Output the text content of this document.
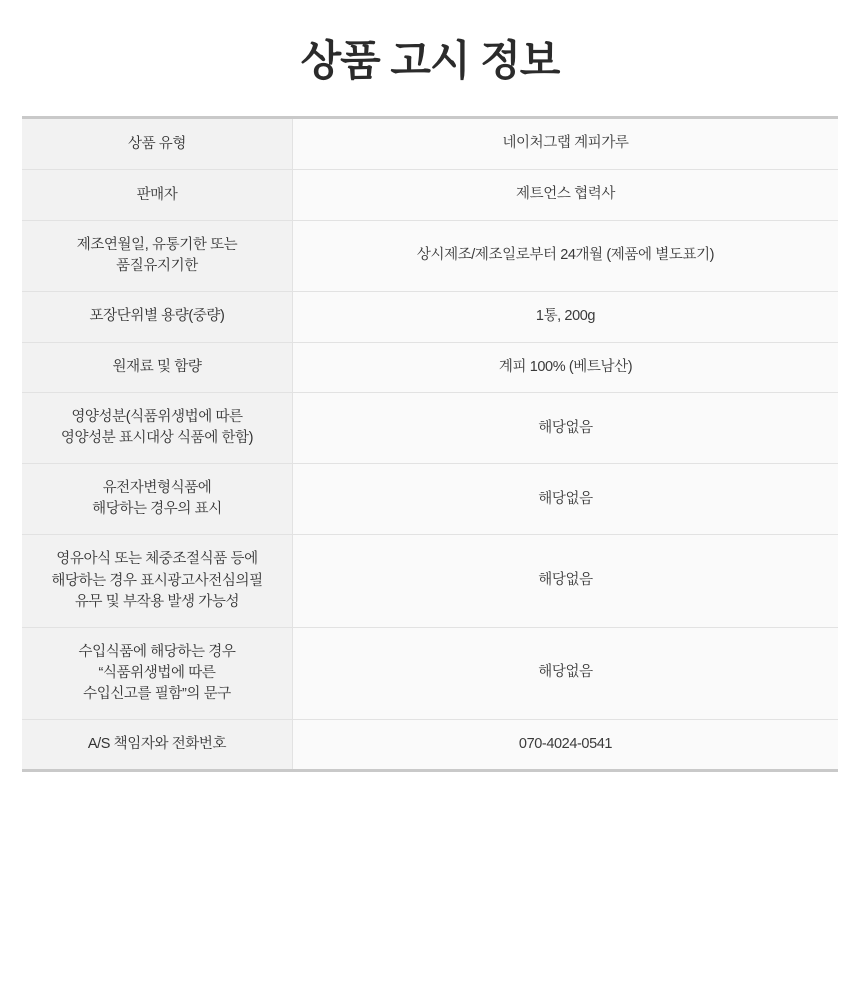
상품 고시 정보
상품 유형	네이처그랩 계피가루

판매자	제트언스 협력사

제조연월일, 유통기한 또는
품질유지기한	상시제조/제조일로부터 24개월 (제품에 별도표기)

포장단위별 용량(중량)	1통, 200g

원재료 및 함량	계피 100% (베트남산)

영양성분(식품위생법에 따른
영양성분 표시대상 식품에 한함)	해당없음

유전자변형식품에
해당하는 경우의 표시	해당없음

영유아식 또는 체중조절식품 등에
해당하는 경우 표시광고사전심의필
유무 및 부작용 발생 가능성	해당없음

수입식품에 해당하는 경우
“식품위생법에 따른
수입신고를 필함”의 문구	해당없음

A/S 책임자와 전화번호	070-4024-0541
